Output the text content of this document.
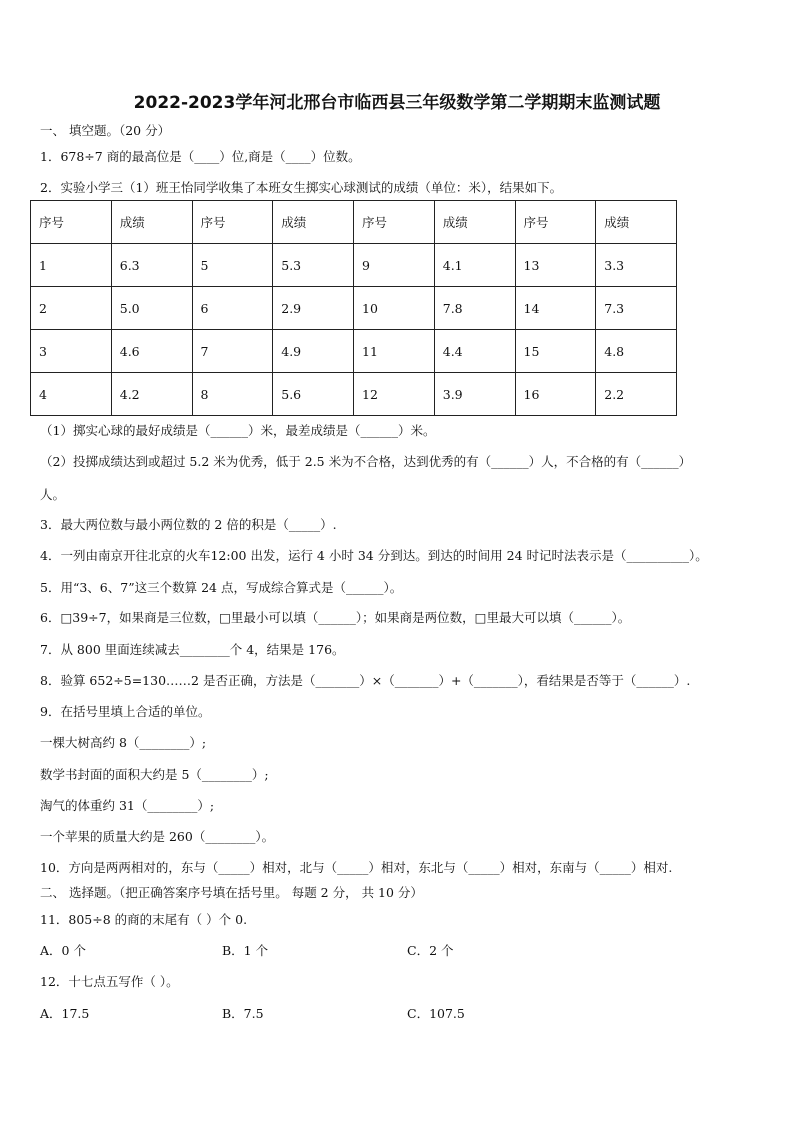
2022-2023学年河北邢台市临西县三年级数学第二学期期末监测试题
一、 填空题。（20 分）
1．678÷7 商的最高位是（____）位,商是（____）位数。
2．实验小学三（1）班王怡同学收集了本班女生掷实心球测试的成绩（单位：米），结果如下。
序号	成绩	序号	成绩	序号	成绩	序号	成绩
1	6.3	5	5.3	9	4.1	13	3.3
2	5.0	6	2.9	10	7.8	14	7.3
3	4.6	7	4.9	11	4.4	15	4.8
4	4.2	8	5.6	12	3.9	16	2.2
（1）掷实心球的最好成绩是（______）米，最差成绩是（______）米。
（2）投掷成绩达到或超过 5.2 米为优秀，低于 2.5 米为不合格，达到优秀的有（______）人，不合格的有（______）
人。
3．最大两位数与最小两位数的 2 倍的积是（_____）.
4．一列由南京开往北京的火车12:00 出发，运行 4 小时 34 分到达。到达的时间用 24 时记时法表示是（__________）。
5．用“3、6、7”这三个数算 24 点，写成综合算式是（______）。
6．□39÷7，如果商是三位数，□里最小可以填（______）；如果商是两位数，□里最大可以填（______）。
7．从 800 里面连续减去________个 4，结果是 176。
8．验算 652÷5=130……2 是否正确，方法是（_______）×（_______）+（_______），看结果是否等于（______）.
9．在括号里填上合适的单位。
一棵大树高约 8（________）;
数学书封面的面积大约是 5（________）;
淘气的体重约 31（________）;
一个苹果的质量大约是 260（________）。
10．方向是两两相对的，东与（_____）相对，北与（_____）相对，东北与（_____）相对，东南与（_____）相对.
二、 选择题。（把正确答案序号填在括号里。 每题 2 分， 共 10 分）
11．805÷8 的商的末尾有（ ）个 0.
A．0 个	B．1 个	C．2 个
12．十七点五写作（ ）。
A．17.5	B．7.5	C．107.5
